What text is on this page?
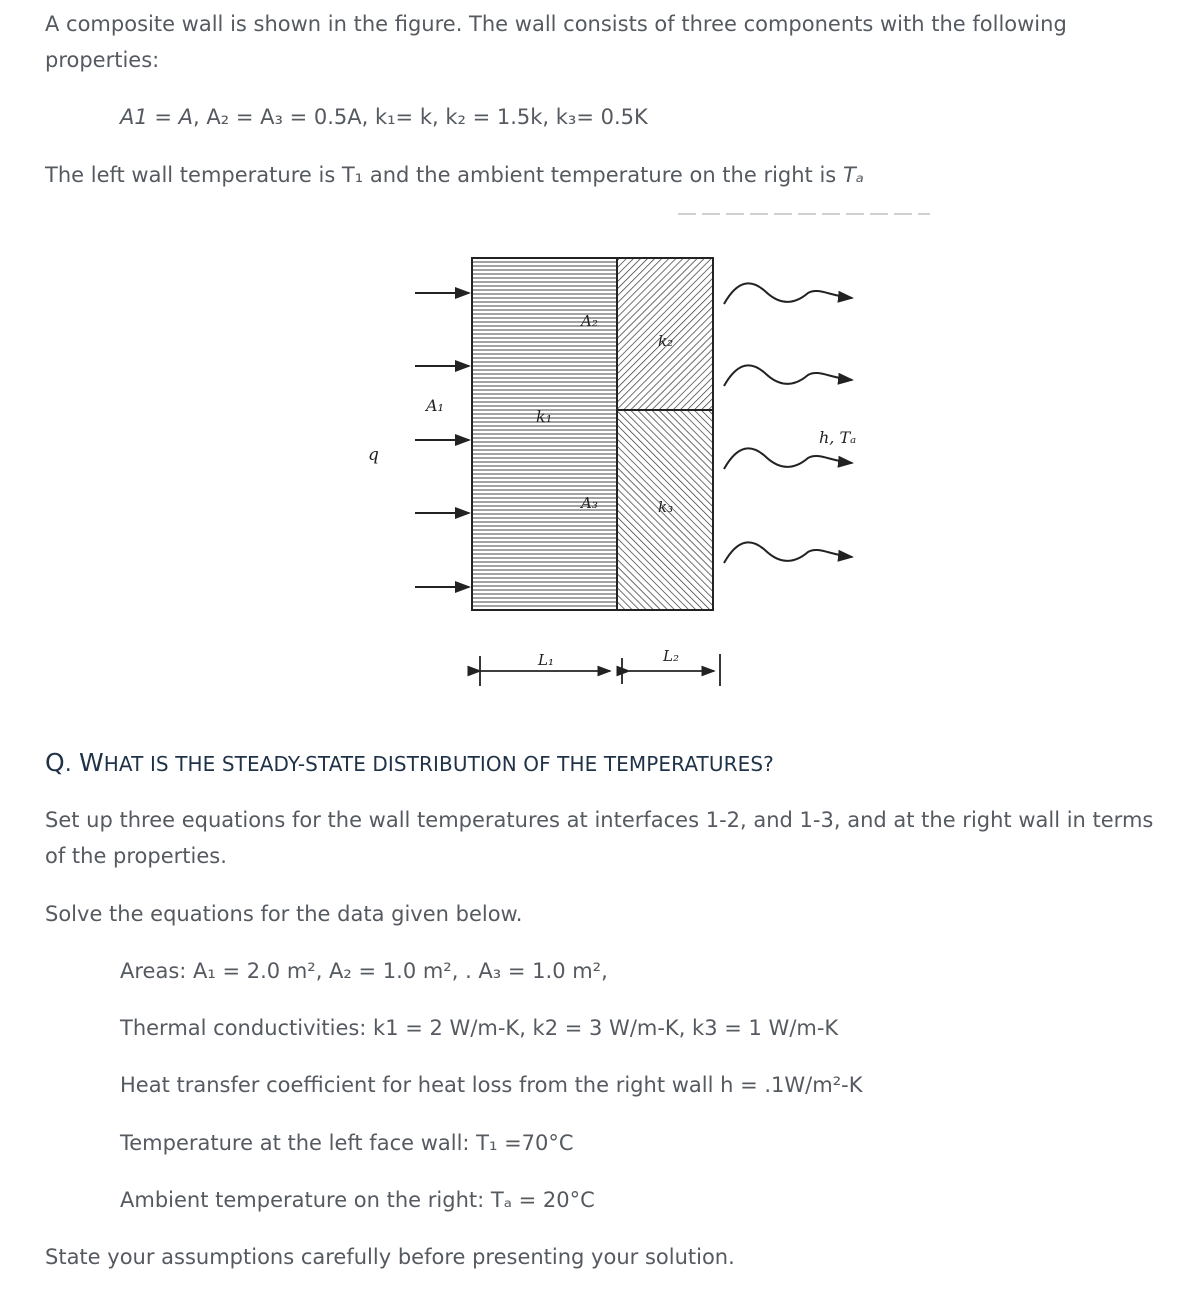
A composite wall is shown in the figure. The wall consists of three components with the following
properties:
A1 = A, A₂ = A₃ = 0.5A, k₁= k, k₂ = 1.5k, k₃= 0.5K
The left wall temperature is T₁ and the ambient temperature on the right is Tₐ
q
A₁
k₁
A₂
k₂
A₃	k₃
h, Tₐ
L₁	L₂
Q. WHAT IS THE STEADY-STATE DISTRIBUTION OF THE TEMPERATURES?
Set up three equations for the wall temperatures at interfaces 1-2, and 1-3, and at the right wall in terms
of the properties.
Solve the equations for the data given below.
Areas: A₁ = 2.0 m², A₂ = 1.0 m², . A₃ = 1.0 m²,
Thermal conductivities: k1 = 2 W/m-K, k2 = 3 W/m-K, k3 = 1 W/m-K
Heat transfer coefficient for heat loss from the right wall h = .1W/m²-K
Temperature at the left face wall: T₁ =70°C
Ambient temperature on the right: Tₐ = 20°C
State your assumptions carefully before presenting your solution.
